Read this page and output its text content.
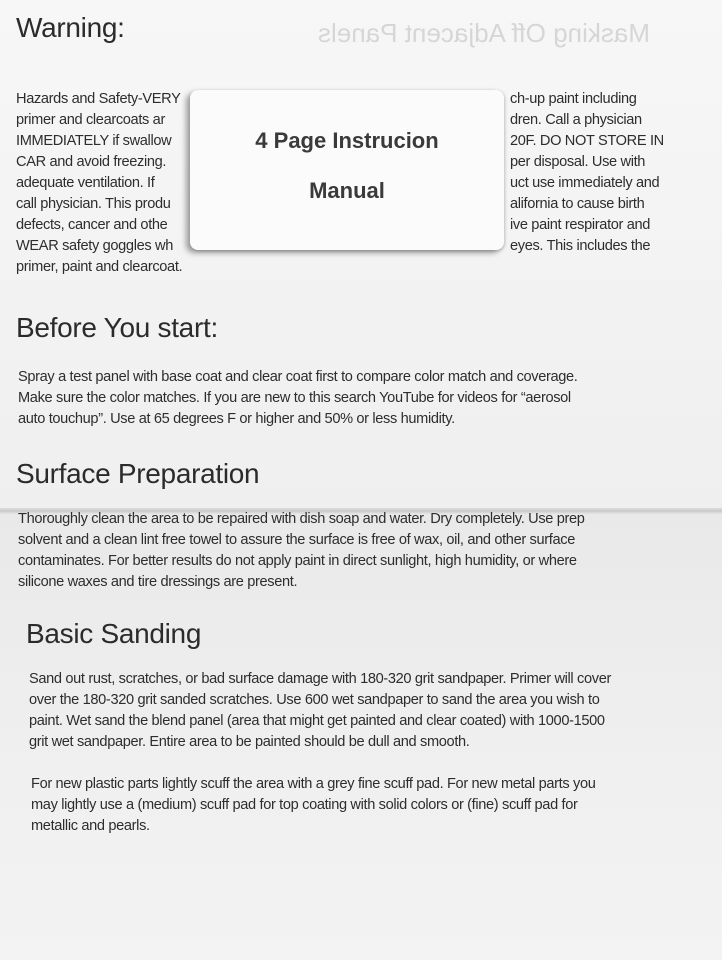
Masking Off Adjacent Panels
Warning:
Hazards and Safety-VERY
primer and clearcoats ar
IMMEDIATELY if swallow
CAR and avoid freezing.
adequate ventilation. If
call physician. This produ
defects, cancer and othe
WEAR safety goggles wh
primer, paint and clearcoat.
ch-up paint including
dren. Call a physician
20F. DO NOT STORE IN
per disposal. Use with
uct use immediately and
alifornia to cause birth
ive paint respirator and
eyes. This includes the
4 Page Instrucion
Manual
Before You start:
Spray a test panel with base coat and clear coat first to compare color match and coverage.
Make sure the color matches. If you are new to this search YouTube for videos for “aerosol
auto touchup”. Use at 65 degrees F or higher and 50% or less humidity.
Surface Preparation
Thoroughly clean the area to be repaired with dish soap and water. Dry completely. Use prep
solvent and a clean lint free towel to assure the surface is free of wax, oil, and other surface
contaminates. For better results do not apply paint in direct sunlight, high humidity, or where
silicone waxes and tire dressings are present.
Basic Sanding
Sand out rust, scratches, or bad surface damage with 180-320 grit sandpaper. Primer will cover
over the 180-320 grit sanded scratches. Use 600 wet sandpaper to sand the area you wish to
paint. Wet sand the blend panel (area that might get painted and clear coated) with 1000-1500
grit wet sandpaper. Entire area to be painted should be dull and smooth.
For new plastic parts lightly scuff the area with a grey fine scuff pad. For new metal parts you
may lightly use a (medium) scuff pad for top coating with solid colors or (fine) scuff pad for
metallic and pearls.
